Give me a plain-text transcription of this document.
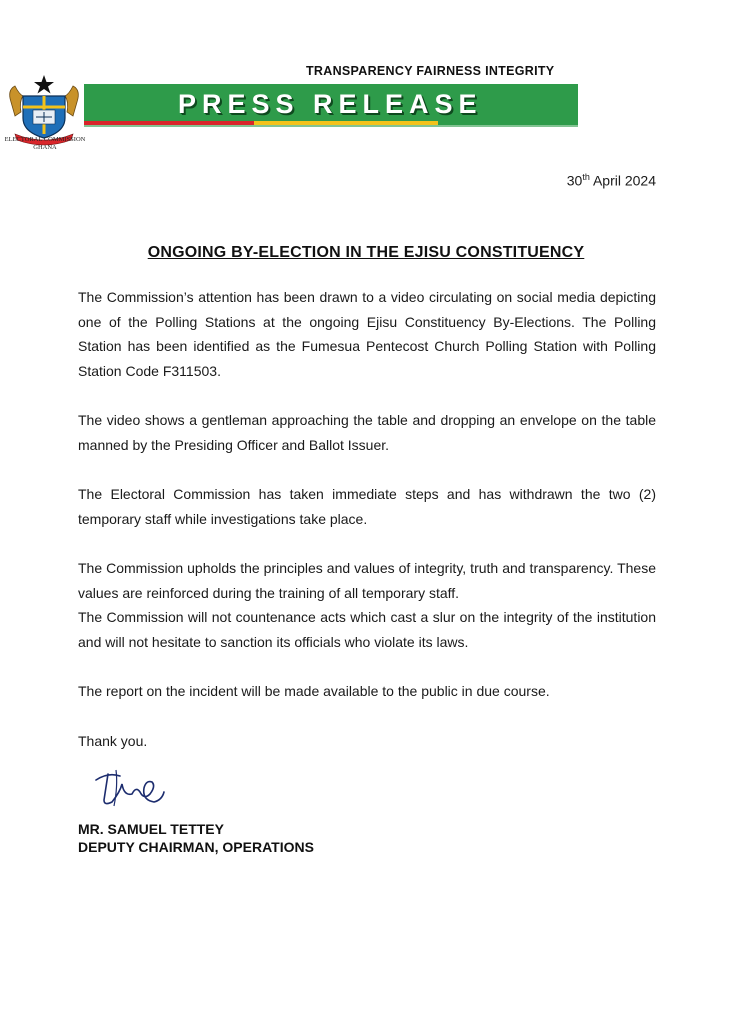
ELECTORAL COMMISSION
GHANA
TRANSPARENCY FAIRNESS INTEGRITY
PRESS RELEASE
30th April 2024
ONGOING BY-ELECTION IN THE EJISU CONSTITUENCY

The Commission’s attention has been drawn to a video circulating on social media depicting one of the Polling Stations at the ongoing Ejisu Constituency By-Elections. The Polling Station has been identified as the Fumesua Pentecost Church Polling Station with Polling Station Code F311503.

The video shows a gentleman approaching the table and dropping an envelope on the table manned by the Presiding Officer and Ballot Issuer.

The Electoral Commission has taken immediate steps and has withdrawn the two (2) temporary staff while investigations take place.

The Commission upholds the principles and values of integrity, truth and transparency. These values are reinforced during the training of all temporary staff.

The Commission will not countenance acts which cast a slur on the integrity of the institution and will not hesitate to sanction its officials who violate its laws.

The report on the incident will be made available to the public in due course.

Thank you.

MR. SAMUEL TETTEY
DEPUTY CHAIRMAN, OPERATIONS
